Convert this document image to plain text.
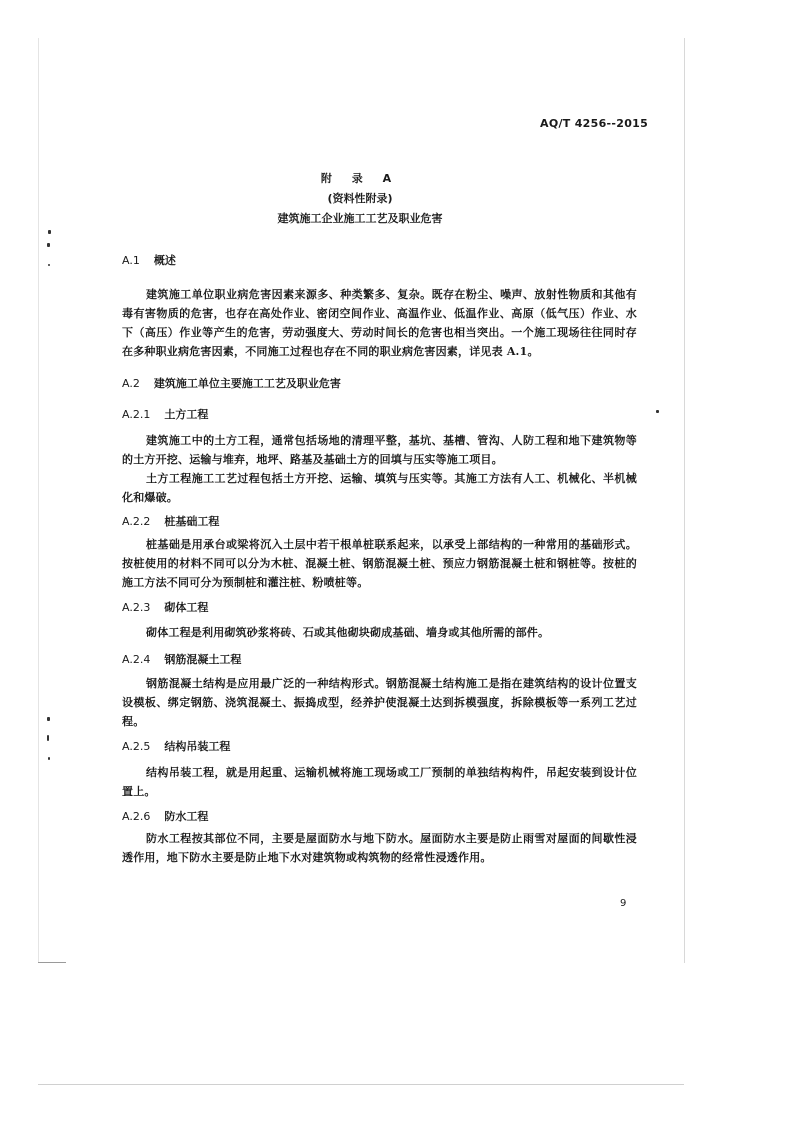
AQ/T 4256--2015
附 录 A
(资料性附录)
建筑施工企业施工工艺及职业危害
A.1 概述
建筑施工单位职业病危害因素来源多、种类繁多、复杂。既存在粉尘、噪声、放射性物质和其他有毒有害物质的危害，也存在高处作业、密闭空间作业、高温作业、低温作业、高原（低气压）作业、水下（高压）作业等产生的危害，劳动强度大、劳动时间长的危害也相当突出。一个施工现场往往同时存在多种职业病危害因素，不同施工过程也存在不同的职业病危害因素，详见表 A.1。
A.2 建筑施工单位主要施工工艺及职业危害
A.2.1 土方工程
建筑施工中的土方工程，通常包括场地的清理平整，基坑、基槽、管沟、人防工程和地下建筑物等的土方开挖、运输与堆弃，地坪、路基及基础土方的回填与压实等施工项目。
土方工程施工工艺过程包括土方开挖、运输、填筑与压实等。其施工方法有人工、机械化、半机械化和爆破。
A.2.2 桩基础工程
桩基础是用承台或梁将沉入土层中若干根单桩联系起来，以承受上部结构的一种常用的基础形式。按桩使用的材料不同可以分为木桩、混凝土桩、钢筋混凝土桩、预应力钢筋混凝土桩和钢桩等。按桩的施工方法不同可分为预制桩和灌注桩、粉喷桩等。
A.2.3 砌体工程
砌体工程是利用砌筑砂浆将砖、石或其他砌块砌成基础、墙身或其他所需的部件。
A.2.4 钢筋混凝土工程
钢筋混凝土结构是应用最广泛的一种结构形式。钢筋混凝土结构施工是指在建筑结构的设计位置支设模板、绑定钢筋、浇筑混凝土、振捣成型，经养护使混凝土达到拆模强度，拆除模板等一系列工艺过程。
A.2.5 结构吊装工程
结构吊装工程，就是用起重、运输机械将施工现场或工厂预制的单独结构构件，吊起安装到设计位置上。
A.2.6 防水工程
防水工程按其部位不同，主要是屋面防水与地下防水。屋面防水主要是防止雨雪对屋面的间歇性浸透作用，地下防水主要是防止地下水对建筑物或构筑物的经常性浸透作用。
9
